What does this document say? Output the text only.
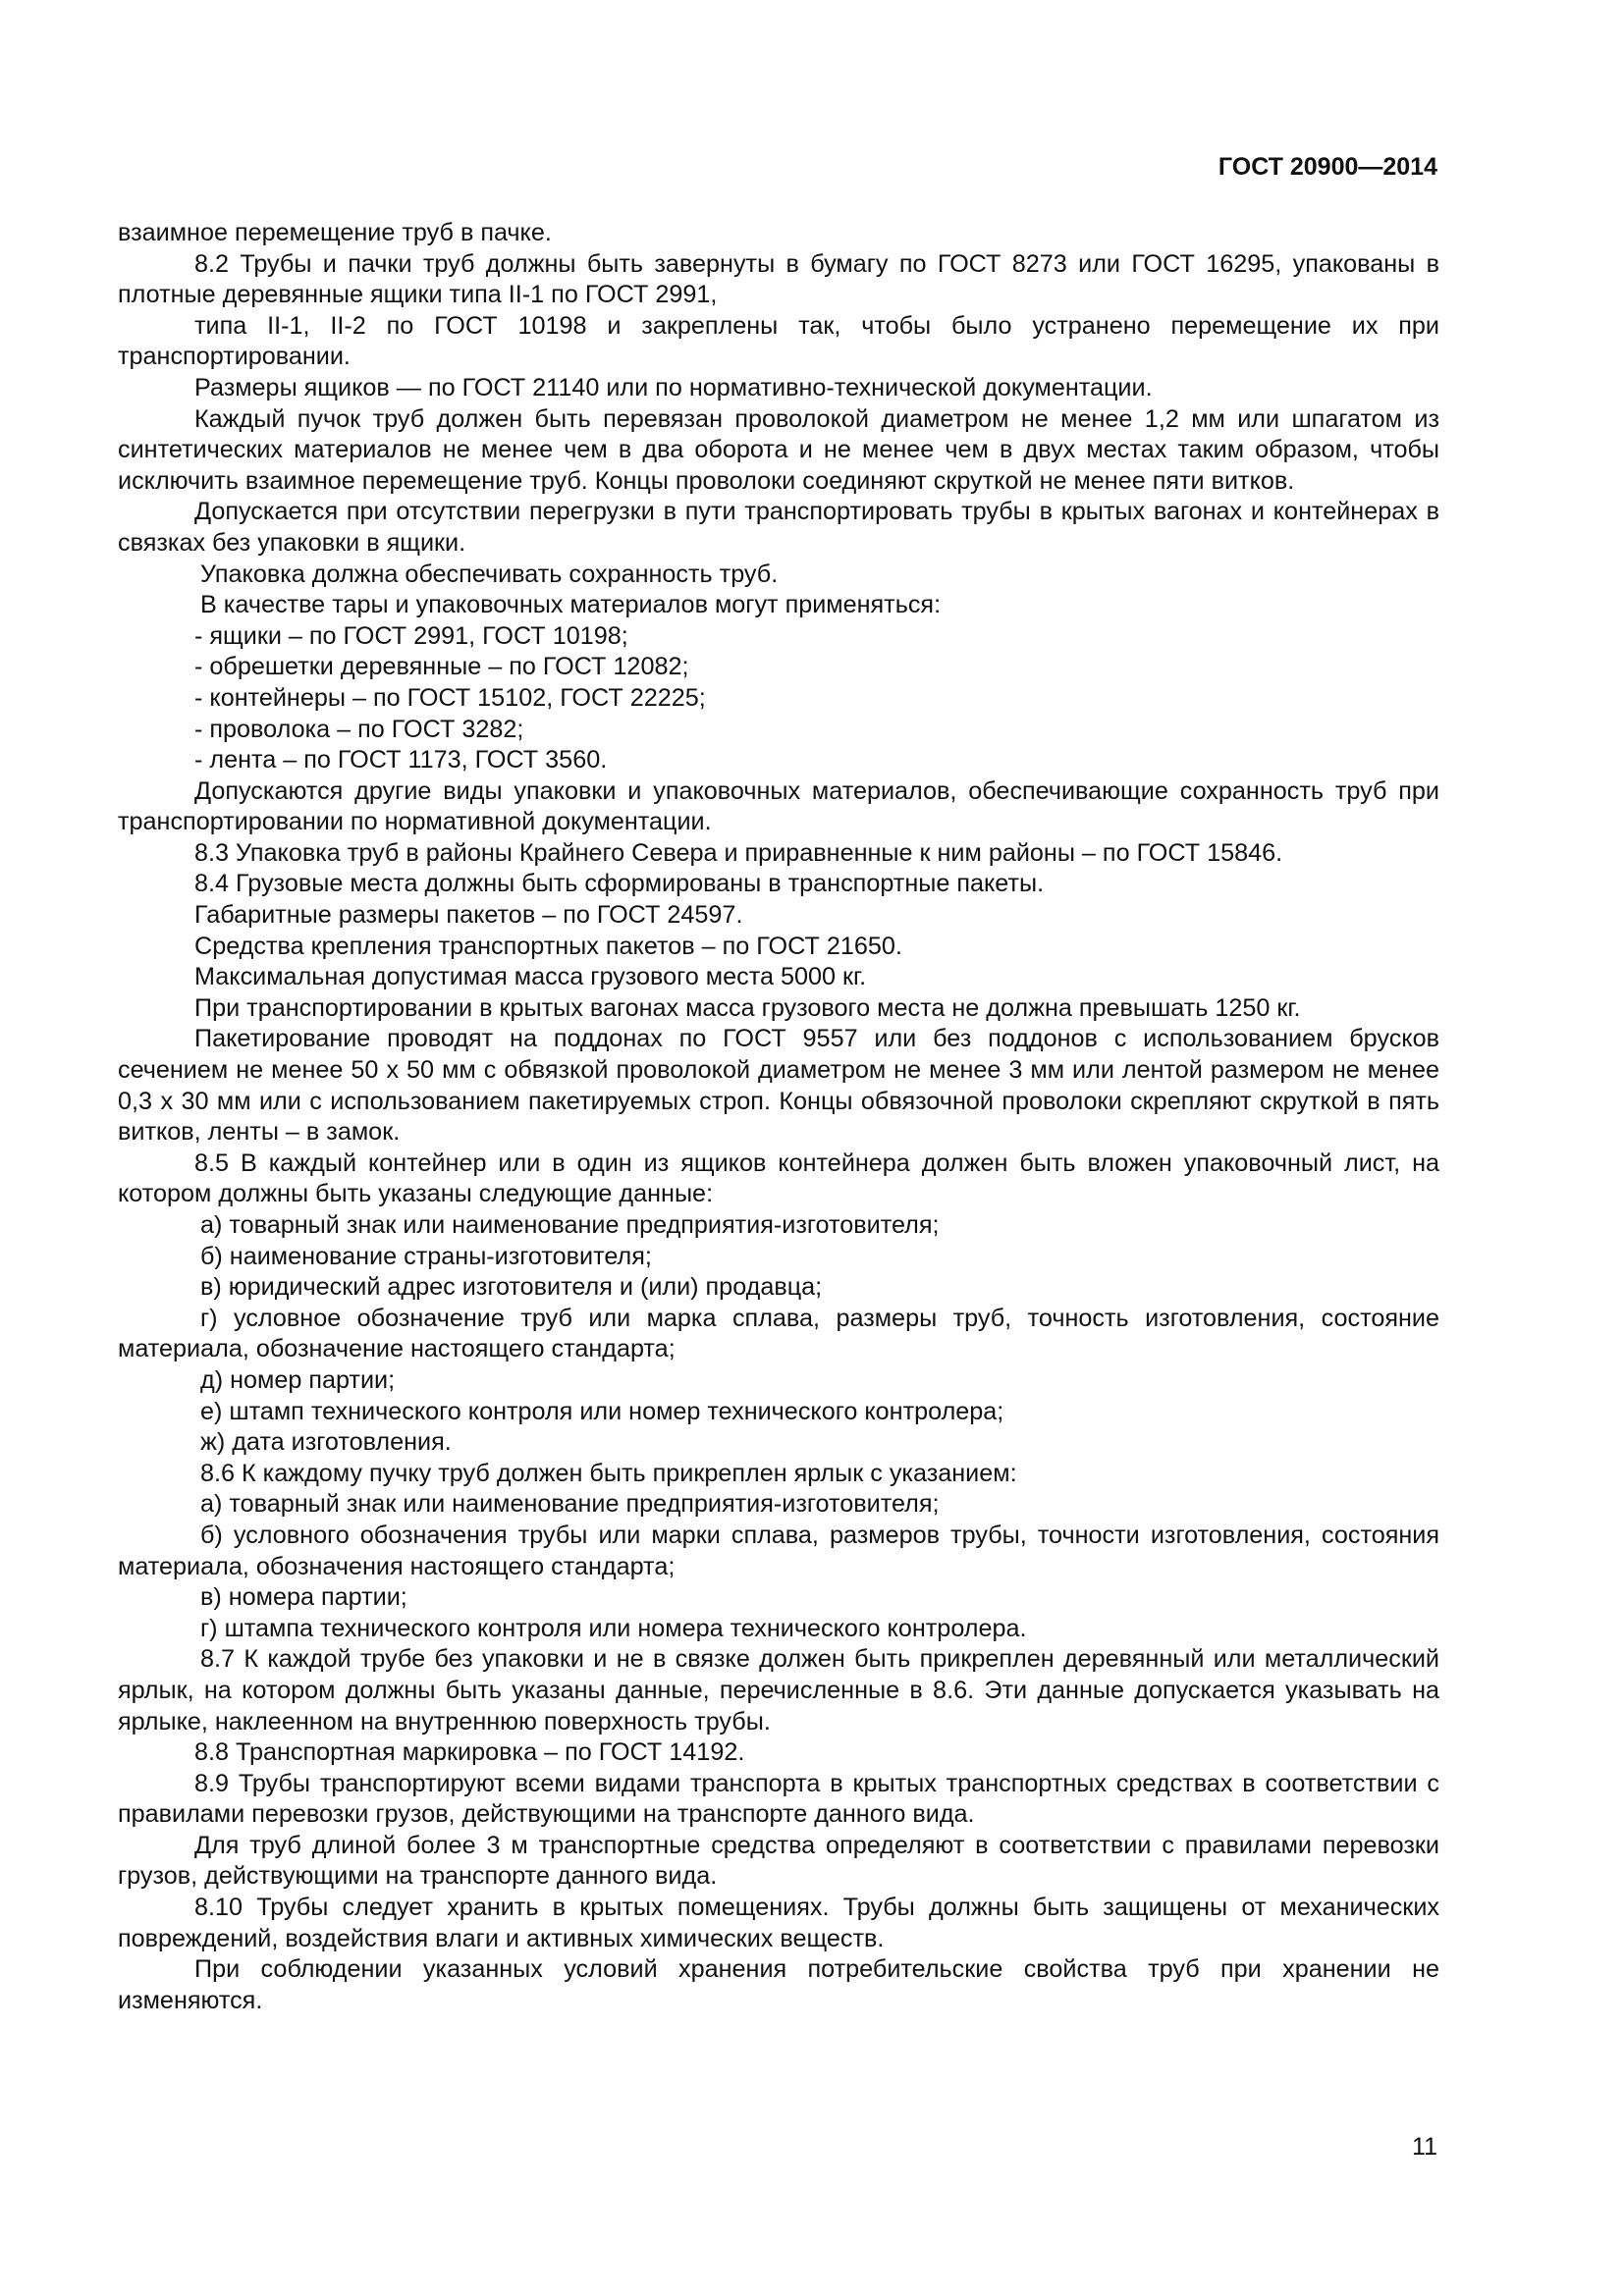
ГОСТ 20900—2014

взаимное перемещение труб в пачке.

8.2 Трубы и пачки труб должны быть завернуты в бумагу по ГОСТ 8273 или ГОСТ 16295, упакованы в плотные деревянные ящики типа II-1 по ГОСТ 2991,

типа II-1, II-2 по ГОСТ 10198 и закреплены так, чтобы было устранено перемещение их при транспортировании.

Размеры ящиков — по ГОСТ 21140 или по нормативно-технической документации.

Каждый пучок труб должен быть перевязан проволокой диаметром не менее 1,2 мм или шпагатом из синтетических материалов не менее чем в два оборота и не менее чем в двух местах таким образом, чтобы исключить взаимное перемещение труб. Концы проволоки соединяют скруткой не менее пяти витков.

Допускается при отсутствии перегрузки в пути транспортировать трубы в крытых вагонах и контейнерах в связках без упаковки в ящики.

Упаковка должна обеспечивать сохранность труб.

В качестве тары и упаковочных материалов могут применяться:

- ящики – по ГОСТ 2991, ГОСТ 10198;

- обрешетки деревянные – по ГОСТ 12082;

- контейнеры – по ГОСТ 15102, ГОСТ 22225;

- проволока – по ГОСТ 3282;

- лента – по ГОСТ 1173, ГОСТ 3560.

Допускаются другие виды упаковки и упаковочных материалов, обеспечивающие сохранность труб при транспортировании по нормативной документации.

8.3 Упаковка труб в районы Крайнего Севера и приравненные к ним районы – по ГОСТ 15846.

8.4 Грузовые места должны быть сформированы в транспортные пакеты.

Габаритные размеры пакетов – по ГОСТ 24597.

Средства крепления транспортных пакетов – по ГОСТ 21650.

Максимальная допустимая масса грузового места 5000 кг.

При транспортировании в крытых вагонах масса грузового места не должна превышать 1250 кг.

Пакетирование проводят на поддонах по ГОСТ 9557 или без поддонов с использованием брусков сечением не менее 50 х 50 мм с обвязкой проволокой диаметром не менее 3 мм или лентой размером не менее 0,3 х 30 мм или с использованием пакетируемых строп. Концы обвязочной проволоки скрепляют скруткой в пять витков, ленты – в замок.

8.5 В каждый контейнер или в один из ящиков контейнера должен быть вложен упаковочный лист, на котором должны быть указаны следующие данные:

а) товарный знак или наименование предприятия-изготовителя;

б) наименование страны-изготовителя;

в) юридический адрес изготовителя и (или) продавца;

г) условное обозначение труб или марка сплава, размеры труб, точность изготовления, состояние материала, обозначение настоящего стандарта;

д) номер партии;

е) штамп технического контроля или номер технического контролера;

ж) дата изготовления.

8.6 К каждому пучку труб должен быть прикреплен ярлык с указанием:

а) товарный знак или наименование предприятия-изготовителя;

б) условного обозначения трубы или марки сплава, размеров трубы, точности изготовления, состояния материала, обозначения настоящего стандарта;

в) номера партии;

г) штампа технического контроля или номера технического контролера.

8.7 К каждой трубе без упаковки и не в связке должен быть прикреплен деревянный или металлический ярлык, на котором должны быть указаны данные, перечисленные в 8.6. Эти данные допускается указывать на ярлыке, наклеенном на внутреннюю поверхность трубы.

8.8 Транспортная маркировка – по ГОСТ 14192.

8.9 Трубы транспортируют всеми видами транспорта в крытых транспортных средствах в соответствии с правилами перевозки грузов, действующими на транспорте данного вида.

Для труб длиной более 3 м транспортные средства определяют в соответствии с правилами перевозки грузов, действующими на транспорте данного вида.

8.10 Трубы следует хранить в крытых помещениях. Трубы должны быть защищены от механических повреждений, воздействия влаги и активных химических веществ.

При соблюдении указанных условий хранения потребительские свойства труб при хранении не изменяются.

11
